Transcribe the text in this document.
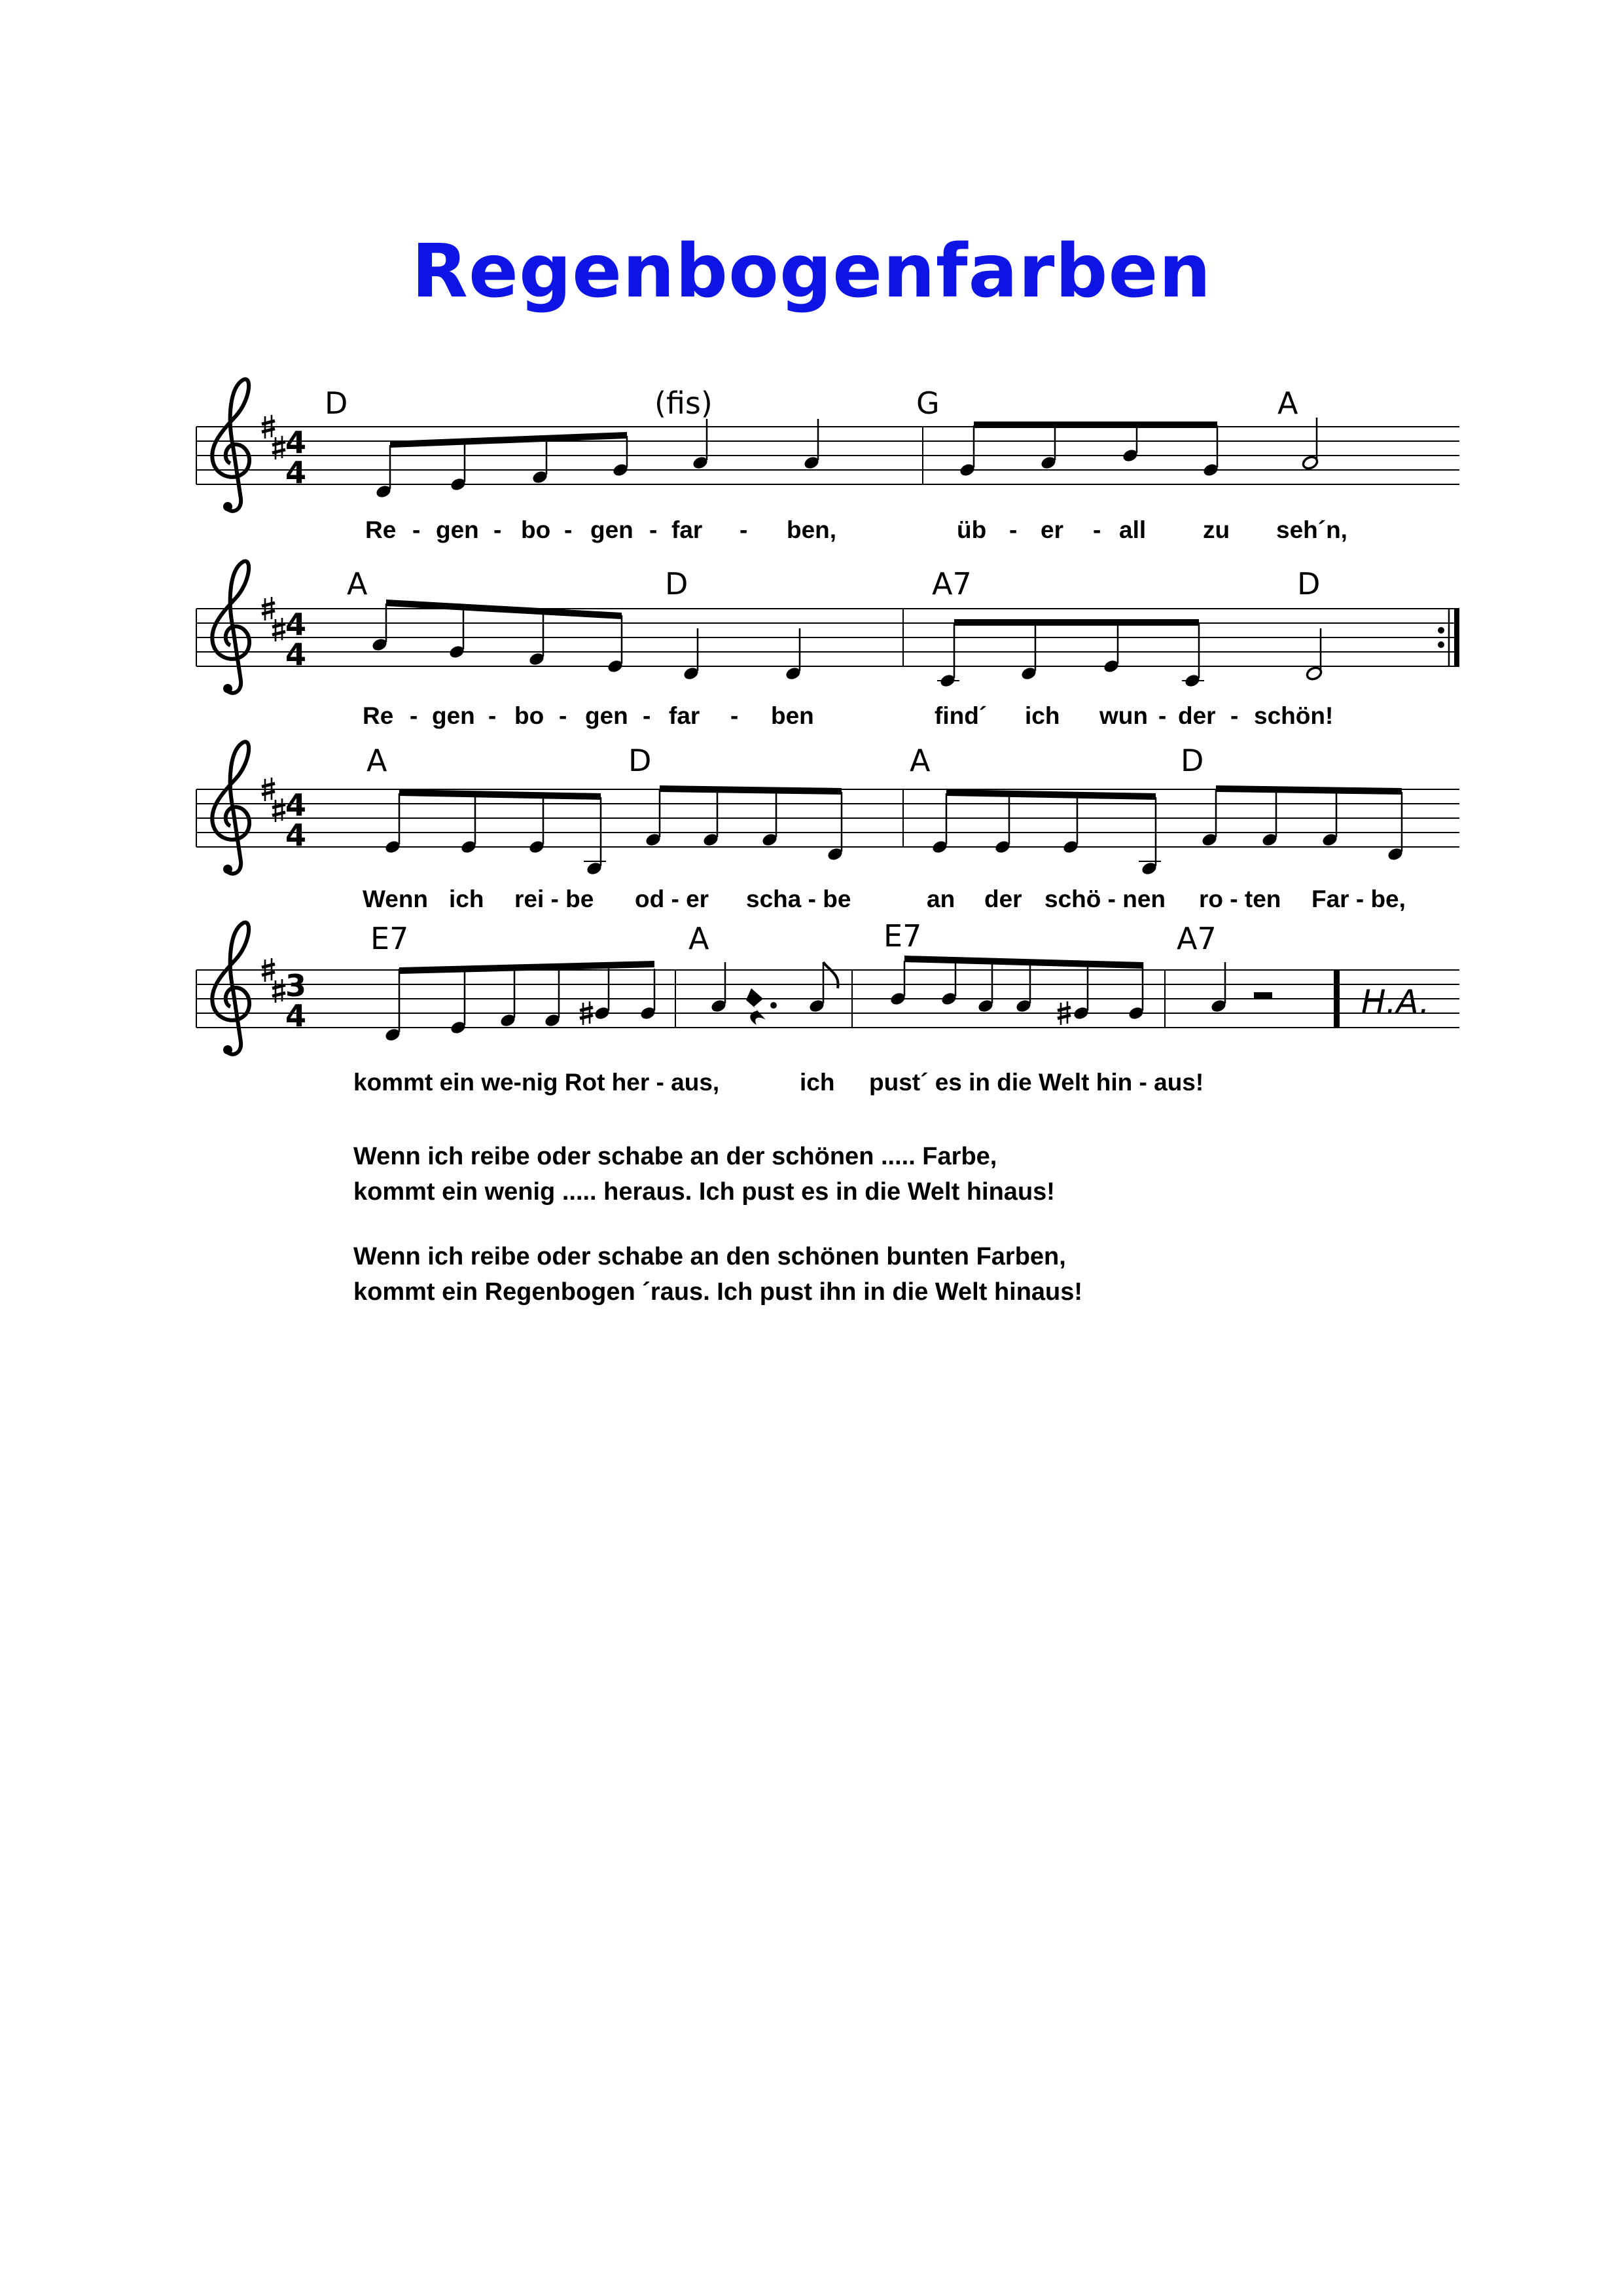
Regenbogenfarben
4
4
D	(fis)	G	A
Re - gen - bo - gen - far - ben,	üb - er - all zu seh´n,
4
4
A	D	A7	D
Re - gen - bo - gen - far - ben	find´ ich wun - der - schön!
4
4
A	D	A	D
Wenn ich rei - be od - er scha - be	an der schö - nen ro - ten Far - be,
3
4	H.A.
E7	A	E7	A7
kommt ein we-nig Rot her - aus,	ich pust´ es in die Welt hin - aus!
Wenn ich reibe oder schabe an der schönen ..... Farbe,
kommt ein wenig ..... heraus. Ich pust es in die Welt hinaus!
Wenn ich reibe oder schabe an den schönen bunten Farben,
kommt ein Regenbogen ´raus. Ich pust ihn in die Welt hinaus!
